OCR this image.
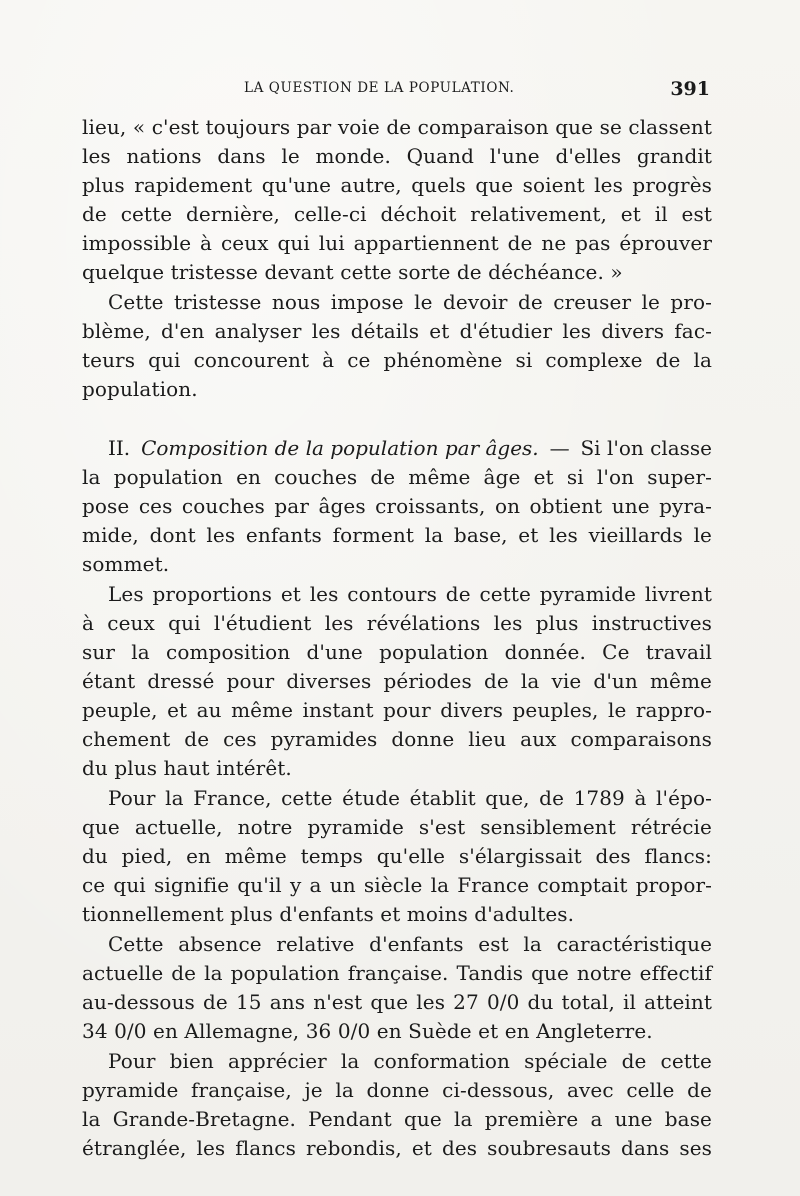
LA QUESTION DE LA POPULATION.	391
lieu, « c'est toujours par voie de comparaison que se classent
les nations dans le monde. Quand l'une d'elles grandit
plus rapidement qu'une autre, quels que soient les progrès
de cette dernière, celle-ci déchoit relativement, et il est
impossible à ceux qui lui appartiennent de ne pas éprouver
quelque tristesse devant cette sorte de déchéance. »
Cette tristesse nous impose le devoir de creuser le pro-
blème, d'en analyser les détails et d'étudier les divers fac-
teurs qui concourent à ce phénomène si complexe de la
population.
II. Composition de la population par âges. — Si l'on classe
la population en couches de même âge et si l'on super-
pose ces couches par âges croissants, on obtient une pyra-
mide, dont les enfants forment la base, et les vieillards le
sommet.
Les proportions et les contours de cette pyramide livrent
à ceux qui l'étudient les révélations les plus instructives
sur la composition d'une population donnée. Ce travail
étant dressé pour diverses périodes de la vie d'un même
peuple, et au même instant pour divers peuples, le rappro-
chement de ces pyramides donne lieu aux comparaisons
du plus haut intérêt.
Pour la France, cette étude établit que, de 1789 à l'épo-
que actuelle, notre pyramide s'est sensiblement rétrécie
du pied, en même temps qu'elle s'élargissait des flancs:
ce qui signifie qu'il y a un siècle la France comptait propor-
tionnellement plus d'enfants et moins d'adultes.
Cette absence relative d'enfants est la caractéristique
actuelle de la population française. Tandis que notre effectif
au-dessous de 15 ans n'est que les 27 0/0 du total, il atteint
34 0/0 en Allemagne, 36 0/0 en Suède et en Angleterre.
Pour bien apprécier la conformation spéciale de cette
pyramide française, je la donne ci-dessous, avec celle de
la Grande-Bretagne. Pendant que la première a une base
étranglée, les flancs rebondis, et des soubresauts dans ses
